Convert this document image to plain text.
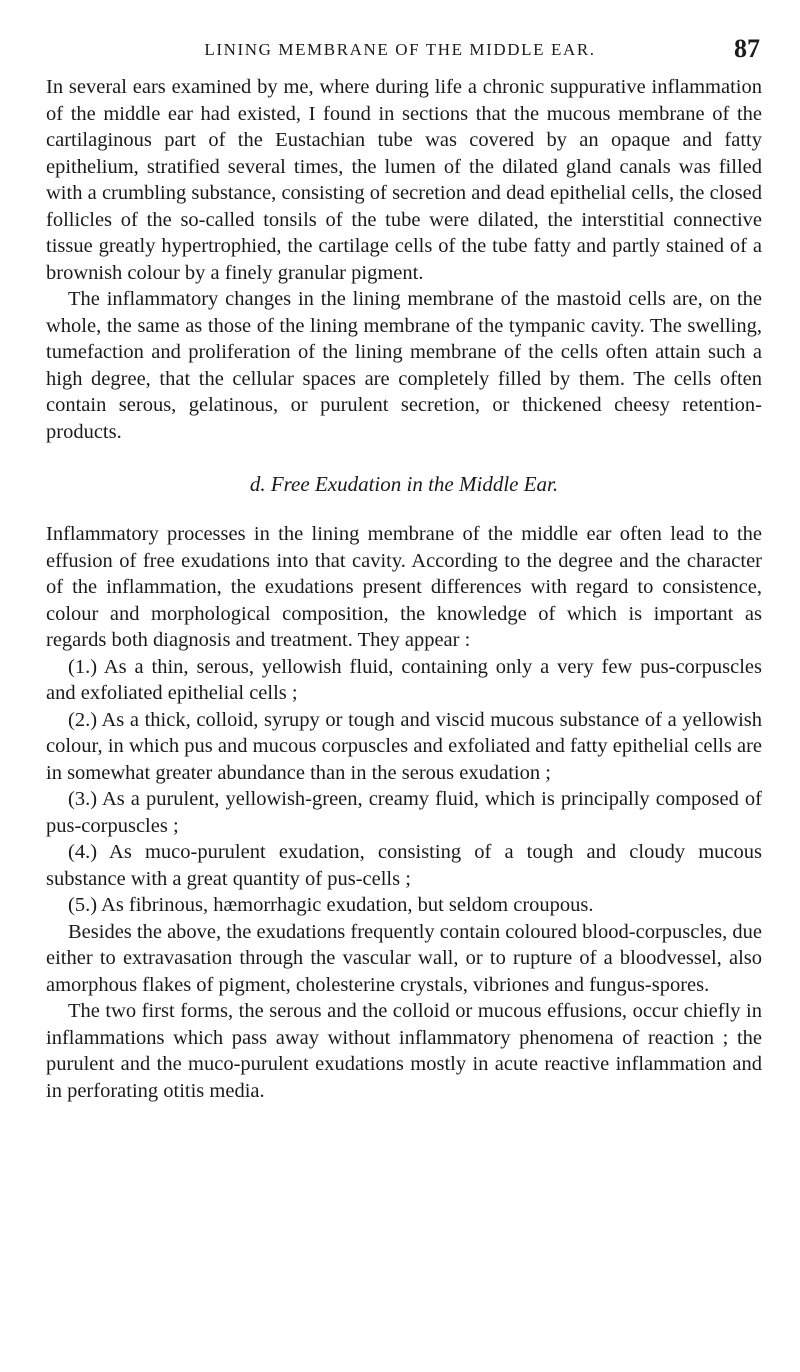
LINING MEMBRANE OF THE MIDDLE EAR.	87

In several ears examined by me, where during life a chronic suppurative inflammation of the middle ear had existed, I found in sections that the mucous membrane of the cartilaginous part of the Eustachian tube was covered by an opaque and fatty epithelium, stratified several times, the lumen of the dilated gland canals was filled with a crumbling substance, consisting of secretion and dead epithelial cells, the closed follicles of the so-called tonsils of the tube were dilated, the interstitial connective tissue greatly hypertrophied, the cartilage cells of the tube fatty and partly stained of a brownish colour by a finely granular pigment.

The inflammatory changes in the lining membrane of the mastoid cells are, on the whole, the same as those of the lining membrane of the tympanic cavity. The swelling, tumefaction and proliferation of the lining membrane of the cells often attain such a high degree, that the cellular spaces are completely filled by them. The cells often contain serous, gelatinous, or purulent secretion, or thickened cheesy retention-products.

d. Free Exudation in the Middle Ear.

Inflammatory processes in the lining membrane of the middle ear often lead to the effusion of free exudations into that cavity. According to the degree and the character of the inflammation, the exudations present differences with regard to consistence, colour and morphological composition, the knowledge of which is important as regards both diagnosis and treatment. They appear :

(1.) As a thin, serous, yellowish fluid, containing only a very few pus-corpuscles and exfoliated epithelial cells ;

(2.) As a thick, colloid, syrupy or tough and viscid mucous substance of a yellowish colour, in which pus and mucous corpuscles and exfoliated and fatty epithelial cells are in somewhat greater abundance than in the serous exudation ;

(3.) As a purulent, yellowish-green, creamy fluid, which is principally composed of pus-corpuscles ;

(4.) As muco-purulent exudation, consisting of a tough and cloudy mucous substance with a great quantity of pus-cells ;

(5.) As fibrinous, hæmorrhagic exudation, but seldom croupous.

Besides the above, the exudations frequently contain coloured blood-corpuscles, due either to extravasation through the vascular wall, or to rupture of a bloodvessel, also amorphous flakes of pigment, cholesterine crystals, vibriones and fungus-spores.

The two first forms, the serous and the colloid or mucous effusions, occur chiefly in inflammations which pass away without inflammatory phenomena of reaction ; the purulent and the muco-purulent exudations mostly in acute reactive inflammation and in perforating otitis media.
